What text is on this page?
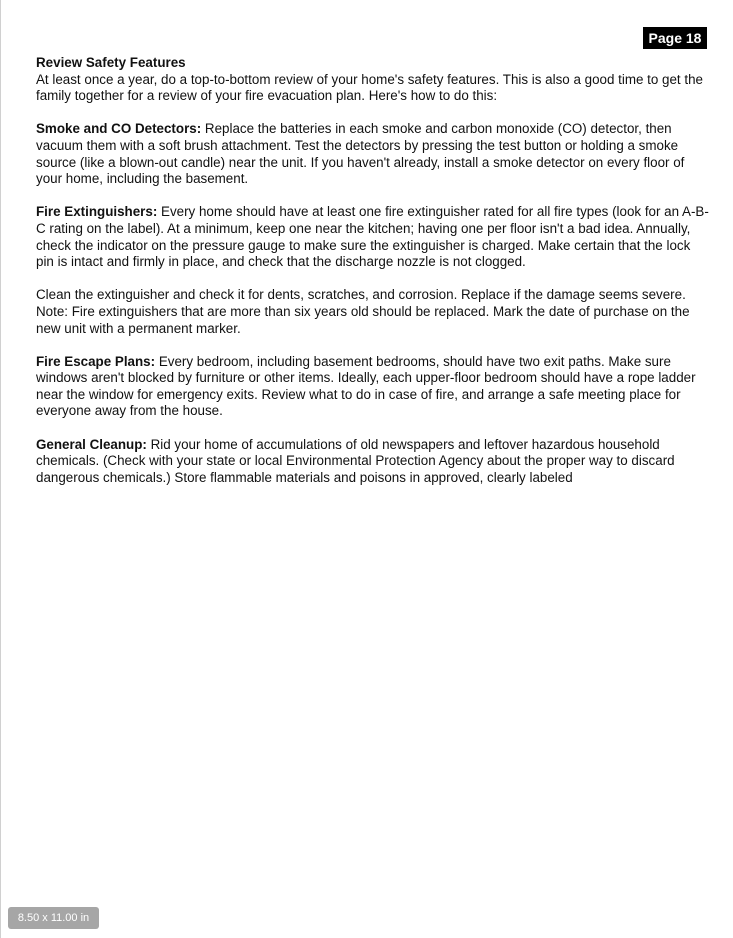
Page 18

Review Safety Features
At least once a year, do a top-to-bottom review of your home's safety features. This is also a good time to get the family together for a review of your fire evacuation plan. Here's how to do this:

Smoke and CO Detectors: Replace the batteries in each smoke and carbon monoxide (CO) detector, then vacuum them with a soft brush attachment. Test the detectors by pressing the test button or holding a smoke source (like a blown-out candle) near the unit. If you haven't already, install a smoke detector on every floor of your home, including the basement.

Fire Extinguishers: Every home should have at least one fire extinguisher rated for all fire types (look for an A-B-C rating on the label). At a minimum, keep one near the kitchen; having one per floor isn't a bad idea. Annually, check the indicator on the pressure gauge to make sure the extinguisher is charged. Make certain that the lock pin is intact and firmly in place, and check that the discharge nozzle is not clogged.

Clean the extinguisher and check it for dents, scratches, and corrosion. Replace if the damage seems severe. Note: Fire extinguishers that are more than six years old should be replaced. Mark the date of purchase on the new unit with a permanent marker.

Fire Escape Plans: Every bedroom, including basement bedrooms, should have two exit paths. Make sure windows aren't blocked by furniture or other items. Ideally, each upper-floor bedroom should have a rope ladder near the window for emergency exits. Review what to do in case of fire, and arrange a safe meeting place for everyone away from the house.

General Cleanup: Rid your home of accumulations of old newspapers and leftover hazardous household chemicals. (Check with your state or local Environmental Protection Agency about the proper way to discard dangerous chemicals.) Store flammable materials and poisons in approved, clearly labeled

8.50 x 11.00 in
